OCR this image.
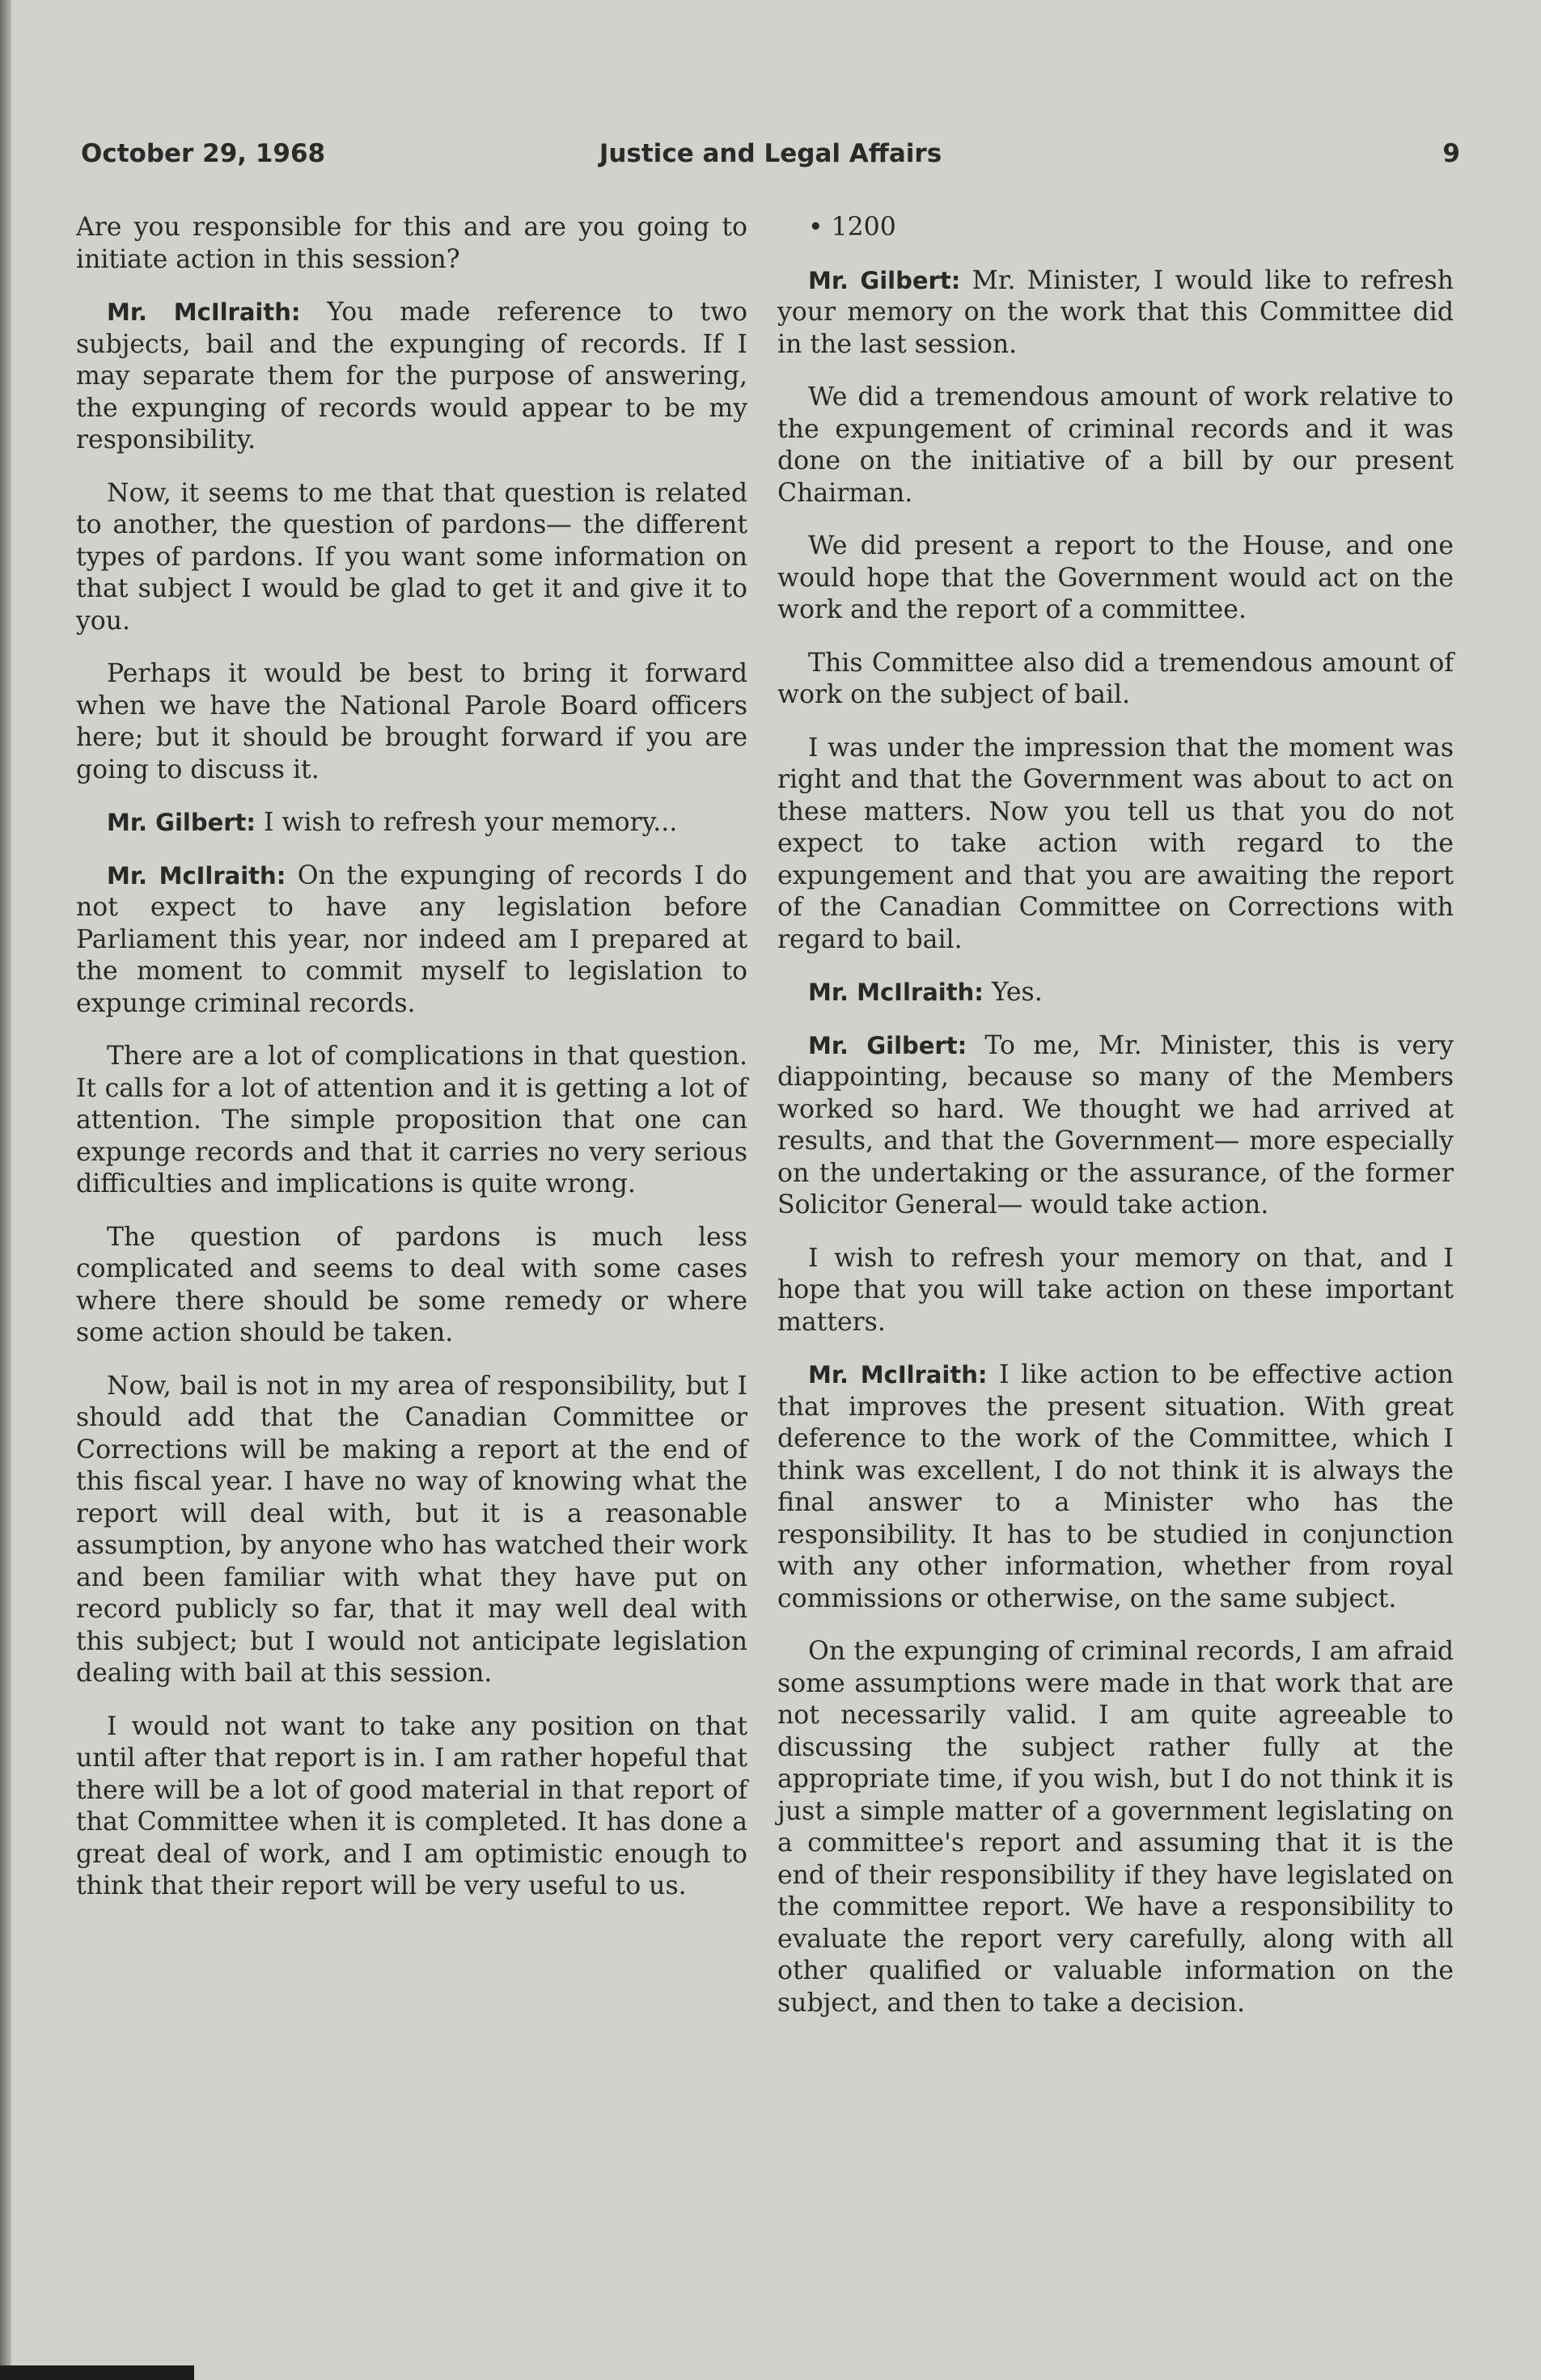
October 29, 1968	Justice and Legal Affairs	9

Are you responsible for this and are you going to initiate action in this session?

Mr. McIlraith: You made reference to two subjects, bail and the expunging of records. If I may separate them for the purpose of answering, the expunging of records would appear to be my responsibility.

Now, it seems to me that that question is related to another, the question of pardons— the different types of pardons. If you want some information on that subject I would be glad to get it and give it to you.

Perhaps it would be best to bring it forward when we have the National Parole Board officers here; but it should be brought forward if you are going to discuss it.

Mr. Gilbert: I wish to refresh your memory...

Mr. McIlraith: On the expunging of records I do not expect to have any legislation before Parliament this year, nor indeed am I prepared at the moment to commit myself to legislation to expunge criminal records.

There are a lot of complications in that question. It calls for a lot of attention and it is getting a lot of attention. The simple proposition that one can expunge records and that it carries no very serious difficulties and implications is quite wrong.

The question of pardons is much less complicated and seems to deal with some cases where there should be some remedy or where some action should be taken.

Now, bail is not in my area of responsibility, but I should add that the Canadian Committee or Corrections will be making a report at the end of this fiscal year. I have no way of knowing what the report will deal with, but it is a reasonable assumption, by anyone who has watched their work and been familiar with what they have put on record publicly so far, that it may well deal with this subject; but I would not anticipate legislation dealing with bail at this session.

I would not want to take any position on that until after that report is in. I am rather hopeful that there will be a lot of good material in that report of that Committee when it is completed. It has done a great deal of work, and I am optimistic enough to think that their report will be very useful to us.

• 1200

Mr. Gilbert: Mr. Minister, I would like to refresh your memory on the work that this Committee did in the last session.

We did a tremendous amount of work relative to the expungement of criminal records and it was done on the initiative of a bill by our present Chairman.

We did present a report to the House, and one would hope that the Government would act on the work and the report of a committee.

This Committee also did a tremendous amount of work on the subject of bail.

I was under the impression that the moment was right and that the Government was about to act on these matters. Now you tell us that you do not expect to take action with regard to the expungement and that you are awaiting the report of the Canadian Committee on Corrections with regard to bail.

Mr. McIlraith: Yes.

Mr. Gilbert: To me, Mr. Minister, this is very diappointing, because so many of the Members worked so hard. We thought we had arrived at results, and that the Government— more especially on the undertaking or the assurance, of the former Solicitor General— would take action.

I wish to refresh your memory on that, and I hope that you will take action on these important matters.

Mr. McIlraith: I like action to be effective action that improves the present situation. With great deference to the work of the Committee, which I think was excellent, I do not think it is always the final answer to a Minister who has the responsibility. It has to be studied in conjunction with any other information, whether from royal commissions or otherwise, on the same subject.

On the expunging of criminal records, I am afraid some assumptions were made in that work that are not necessarily valid. I am quite agreeable to discussing the subject rather fully at the appropriate time, if you wish, but I do not think it is just a simple matter of a government legislating on a committee's report and assuming that it is the end of their responsibility if they have legislated on the committee report. We have a responsibility to evaluate the report very carefully, along with all other qualified or valuable information on the subject, and then to take a decision.
